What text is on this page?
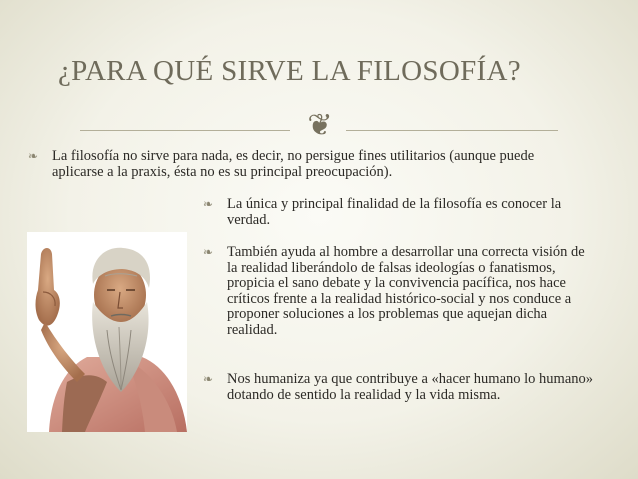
¿PARA QUÉ SIRVE LA FILOSOFÍA?
❦
❧ La filosofía no sirve para nada, es decir, no persigue fines utilitarios (aunque puede aplicarse a la praxis, ésta no es su principal preocupación).
❧ La única y principal finalidad de la filosofía es conocer la verdad.
❧ También ayuda al hombre a desarrollar una correcta visión de la realidad liberándolo de falsas ideologías o fanatismos, propicia el sano debate y la convivencia pacífica, nos hace críticos frente a la realidad histórico-social y nos conduce a proponer soluciones a los problemas que aquejan dicha realidad.
❧ Nos humaniza ya que contribuye a «hacer humano lo humano» dotando de sentido la realidad y la vida misma.
